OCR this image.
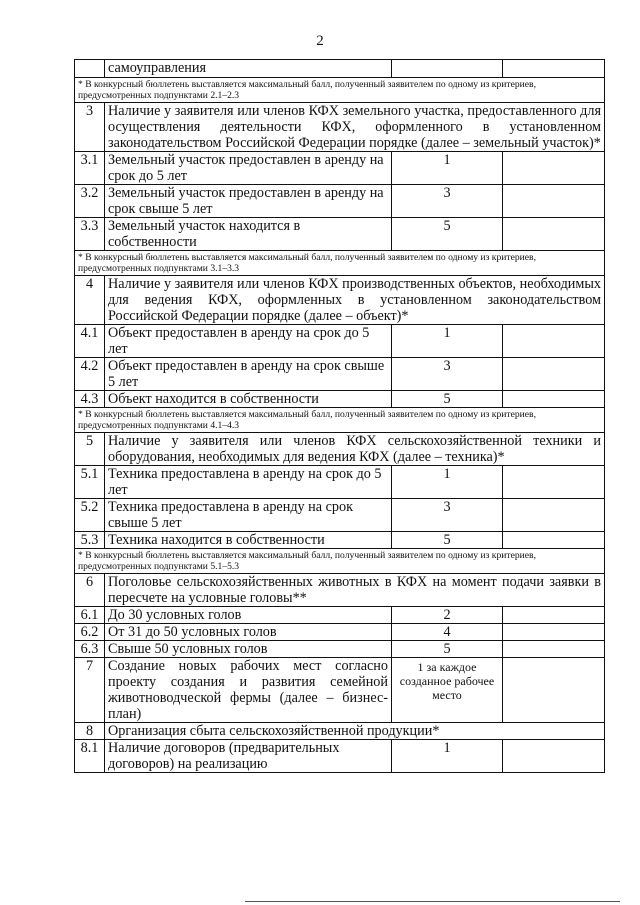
2
	самоуправления		
* В конкурсный бюллетень выставляется максимальный балл, полученный заявителем по одному из критериев, предусмотренных подпунктами 2.1–2.3			
3	Наличие у заявителя или членов КФХ земельного участка, предоставленного для осуществления деятельности КФХ, оформленного в установленном законодательством Российской Федерации порядке (далее – земельный участок)*		
3.1	Земельный участок предоставлен в аренду на срок до 5 лет	1	
3.2	Земельный участок предоставлен в аренду на срок свыше 5 лет	3	
3.3	Земельный участок находится в собственности	5	
* В конкурсный бюллетень выставляется максимальный балл, полученный заявителем по одному из критериев, предусмотренных подпунктами 3.1–3.3			
4	Наличие у заявителя или членов КФХ производственных объектов, необходимых для ведения КФХ, оформленных в установленном законодательством Российской Федерации порядке (далее – объект)*		
4.1	Объект предоставлен в аренду на срок до 5 лет	1	
4.2	Объект предоставлен в аренду на срок свыше 5 лет	3	
4.3	Объект находится в собственности	5	
* В конкурсный бюллетень выставляется максимальный балл, полученный заявителем по одному из критериев, предусмотренных подпунктами 4.1–4.3			
5	Наличие у заявителя или членов КФХ сельскохозяйственной техники и оборудования, необходимых для ведения КФХ (далее – техника)*		
5.1	Техника предоставлена в аренду на срок до 5 лет	1	
5.2	Техника предоставлена в аренду на срок свыше 5 лет	3	
5.3	Техника находится в собственности	5	
* В конкурсный бюллетень выставляется максимальный балл, полученный заявителем по одному из критериев, предусмотренных подпунктами 5.1–5.3			
6	Поголовье сельскохозяйственных животных в КФХ на момент подачи заявки в пересчете на условные головы**		
6.1	До 30 условных голов	2	
6.2	От 31 до 50 условных голов	4	
6.3	Свыше 50 условных голов	5	
7	Создание новых рабочих мест согласно проекту создания и развития семейной животноводческой фермы (далее – бизнес-план)	1 за каждое созданное рабочее место	
8	Организация сбыта сельскохозяйственной продукции*		
8.1	Наличие договоров (предварительных договоров) на реализацию	1	
